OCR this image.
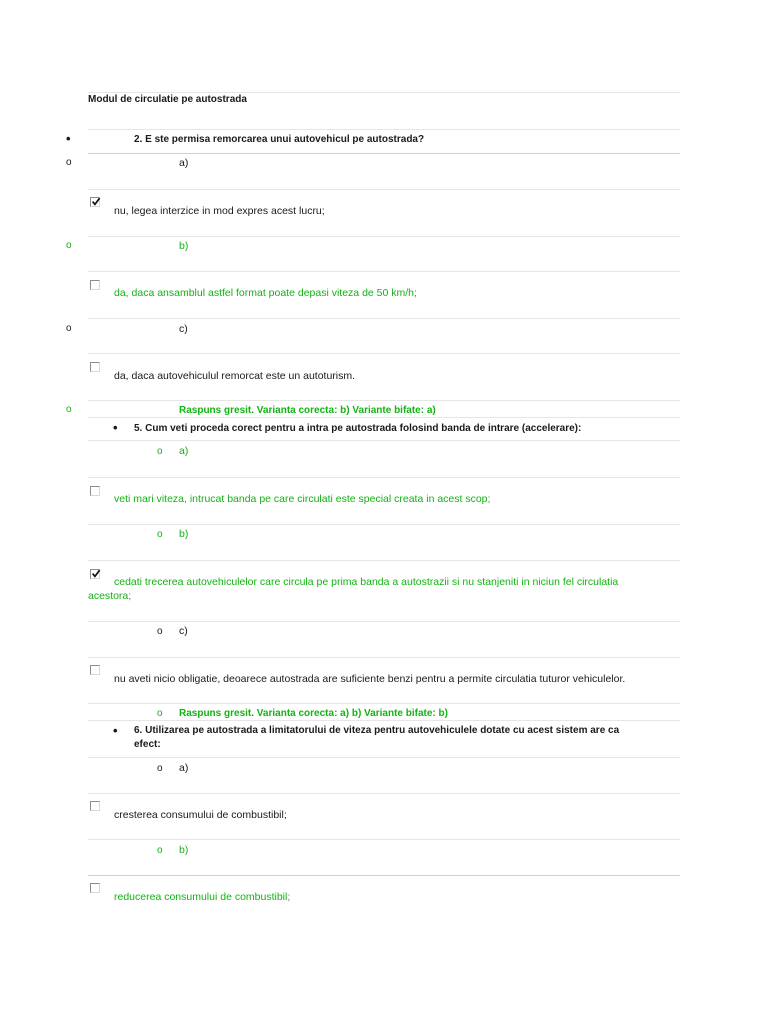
Modul de circulatie pe autostrada
•	2. E ste permisa remorcarea unui autovehicul pe autostrada?
o	a)
nu, legea interzice in mod expres acest lucru;
o	b)
da, daca ansamblul astfel format poate depasi viteza de 50 km/h;
o	c)
da, daca autovehiculul remorcat este un autoturism.
o	Raspuns gresit. Varianta corecta: b) Variante bifate: a)
• 5. Cum veti proceda corect pentru a intra pe autostrada folosind banda de intrare (accelerare):
o a)
veti mari viteza, intrucat banda pe care circulati este special creata in acest scop;
o b)
cedati trecerea autovehiculelor care circula pe prima banda a autostrazii si nu stanjeniti in niciun fel circulatia
acestora;
o c)
nu aveti nicio obligatie, deoarece autostrada are suficiente benzi pentru a permite circulatia tuturor vehiculelor.
o Raspuns gresit. Varianta corecta: a) b) Variante bifate: b)
• 6. Utilizarea pe autostrada a limitatorului de viteza pentru autovehiculele dotate cu acest sistem are ca
efect:
o a)
cresterea consumului de combustibil;
o b)
reducerea consumului de combustibil;
